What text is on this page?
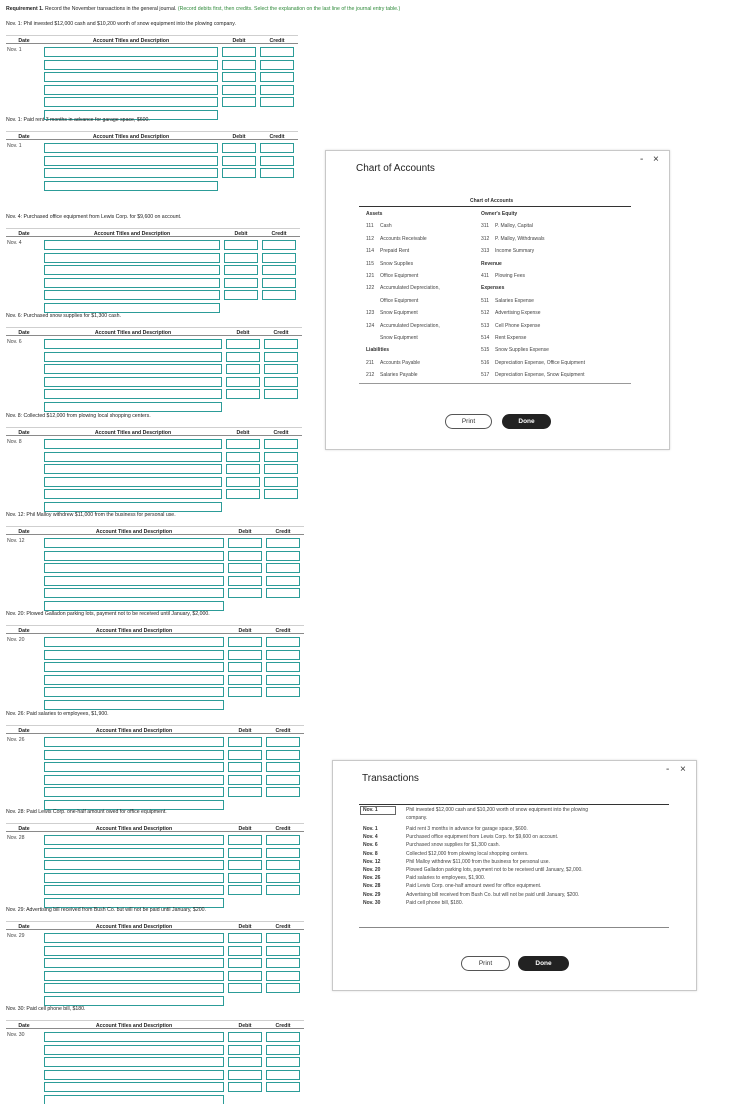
Requirement 1. Record the November transactions in the general journal. (Record debits first, then credits. Select the explanation on the last line of the journal entry table.)
Nov. 1: Phil invested $12,000 cash and $10,200 worth of snow equipment into the plowing company.
Date	Account Titles and Description	Debit	Credit
Nov. 1
Nov. 1: Paid rent 3 months in advance for garage space, $600.
Date	Account Titles and Description	Debit	Credit
Nov. 1
Nov. 4: Purchased office equipment from Lewis Corp. for $9,600 on account.
Date	Account Titles and Description	Debit	Credit
Nov. 4
Nov. 6: Purchased snow supplies for $1,300 cash.
Date	Account Titles and Description	Debit	Credit
Nov. 6
Nov. 8: Collected $12,000 from plowing local shopping centers.
Date	Account Titles and Description	Debit	Credit
Nov. 8
Nov. 12: Phil Malloy withdrew $11,000 from the business for personal use.
Date	Account Titles and Description	Debit	Credit
Nov. 12
Nov. 20: Plowed Galladon parking lots, payment not to be received until January, $2,000.
Date	Account Titles and Description	Debit	Credit
Nov. 20
Nov. 26: Paid salaries to employees, $1,900.
Date	Account Titles and Description	Debit	Credit
Nov. 26
Nov. 28: Paid Lewis Corp. one-half amount owed for office equipment.
Date	Account Titles and Description	Debit	Credit
Nov. 28
Nov. 29: Advertising bill received from Bush Co. but will not be paid until January, $200.
Date	Account Titles and Description	Debit	Credit
Nov. 29
Nov. 30: Paid cell phone bill, $180.
Date	Account Titles and Description	Debit	Credit
Nov. 30
Chart of Accounts
- ×
Chart of Accounts
Assets
111 Cash
112 Accounts Receivable
114 Prepaid Rent
115 Snow Supplies
121 Office Equipment
122 Accumulated Depreciation,
Office Equipment
123 Snow Equipment
124 Accumulated Depreciation,
Snow Equipment
Liabilities
211 Accounts Payable
212 Salaries Payable
Owner's Equity
311 P. Malloy, Capital
312 P. Malloy, Withdrawals
313 Income Summary
Revenue
411 Plowing Fees
Expenses
511 Salaries Expense
512 Advertising Expense
513 Cell Phone Expense
514 Rent Expense
515 Snow Supplies Expense
516 Depreciation Expense, Office Equipment
517 Depreciation Expense, Snow Equipment
Print	Done
Transactions
- ×
Nov. 1	Phil invested $12,000 cash and $10,200 worth of snow equipment into the plowing
company.
Nov. 1	Paid rent 3 months in advance for garage space, $600.
Nov. 4	Purchased office equipment from Lewis Corp. for $9,600 on account.
Nov. 6	Purchased snow supplies for $1,300 cash.
Nov. 8	Collected $12,000 from plowing local shopping centers.
Nov. 12	Phil Malloy withdrew $11,000 from the business for personal use.
Nov. 20	Plowed Galladon parking lots, payment not to be received until January, $2,000.
Nov. 26	Paid salaries to employees, $1,900.
Nov. 28	Paid Lewis Corp. one-half amount owed for office equipment.
Nov. 29	Advertising bill received from Bush Co. but will not be paid until January, $200.
Nov. 30	Paid cell phone bill, $180.
Print	Done
